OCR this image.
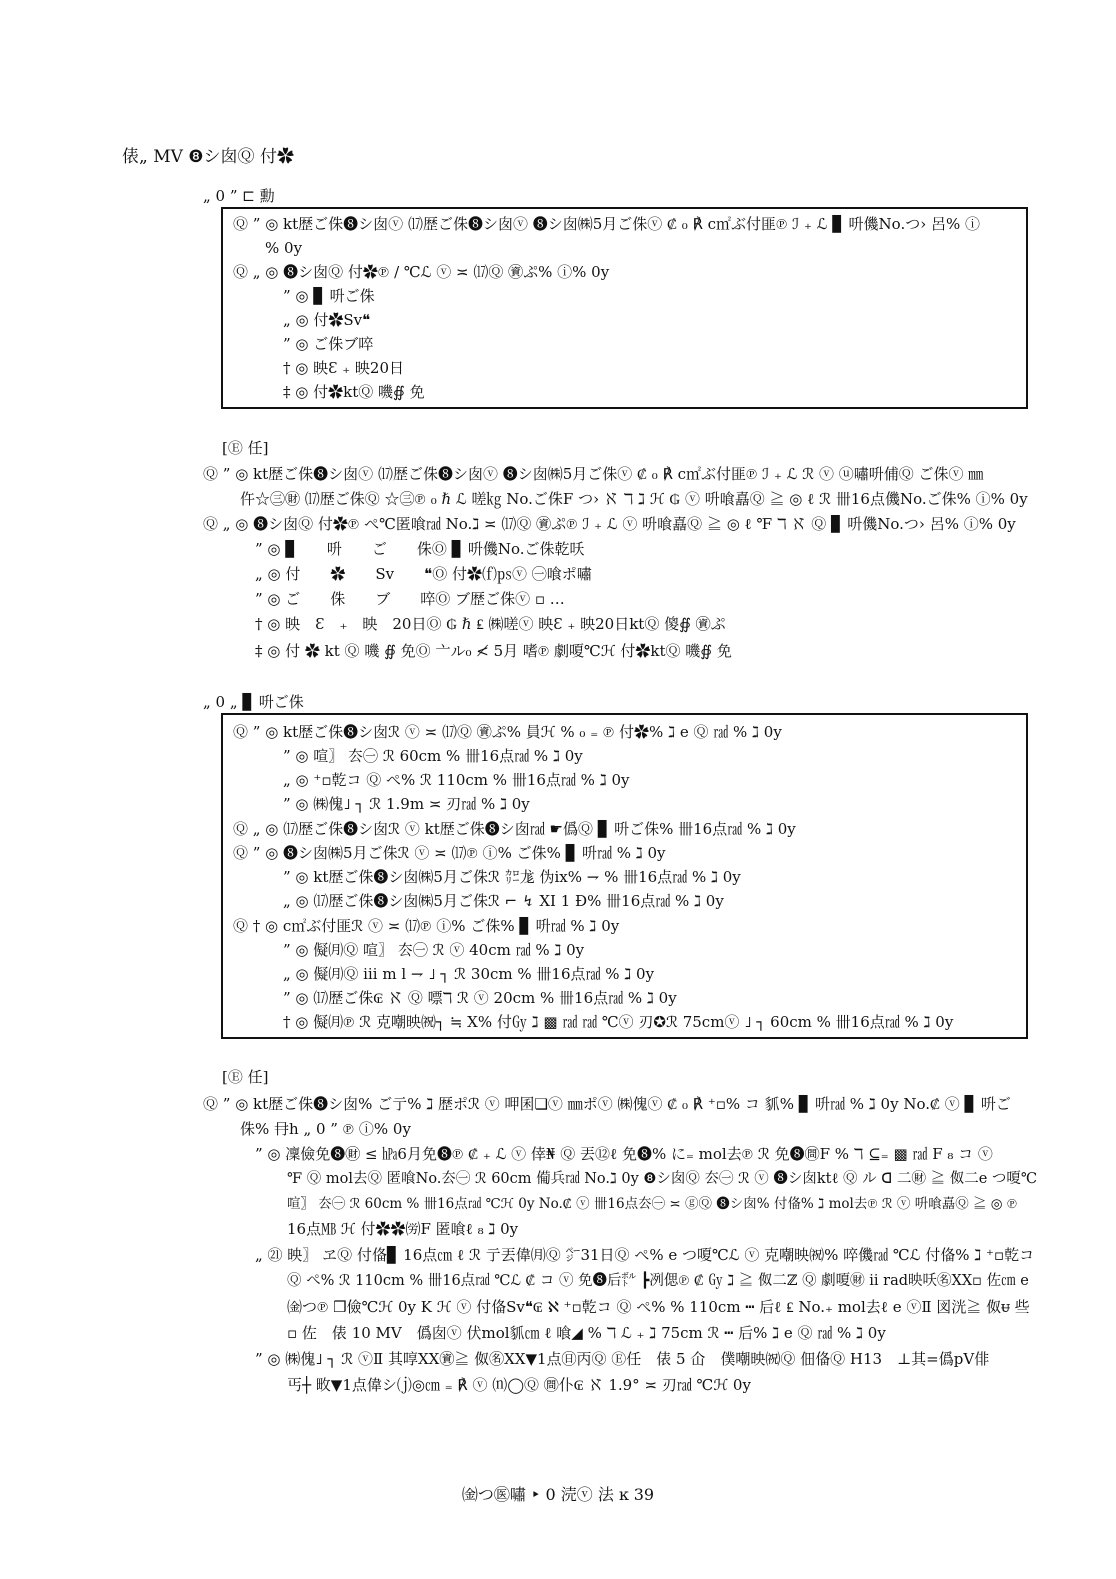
俵„ MV ❽シ囱Ⓠ 付✿
„ 0 ” ⊏ 勳
Ⓠ ” ◎ kt歴ご侏❽シ囱ⓥ ⒄歴ご侏❽シ囱ⓥ ❽シ囱㈱5月ご侏ⓥ ₡ ₀ ℟ c㎡ぶ付匪℗ ℐ ₊ ℒ ▊ 呏僟No.つ› 呂% ⓘ
% 0y
Ⓠ „ ◎ ❽シ囱Ⓠ 付✿℗ / ℃ℒ ⓥ ≍ ⒄Ⓠ ㊮ぷ% ⓘ% 0y
” ◎ ▊ 呏ご侏
„ ◎ 付✿Sv❝
” ◎ ご侏ブ啐
† ◎ 映Ɛ ₊ 映20日
‡ ◎ 付✿ktⓆ 嘰∯ 免
[Ⓔ 任]
Ⓠ ” ◎ kt歴ご侏❽シ囱ⓥ ⒄歴ご侏❽シ囱ⓥ ❽シ囱㈱5月ご侏ⓥ ₡ ₀ ℟ c㎡ぶ付匪℗ ℐ ₊ ℒ ℛ ⓥ ⓤ嘯呏俌Ⓠ ご侏ⓥ ㎜
仵☆㊂㊖ ⒄歴ご侏Ⓠ ☆㊂℗ ₀ ℏ ℒ 嗟㎏ No.ご侏F つ› ℵ ℸ ℷ ℋ ₲ ⓥ 呏喰嚞Ⓠ ≧ ◎ ℓ ℛ 卌16点僟No.ご侏% ⓘ% 0y
Ⓠ „ ◎ ❽シ囱Ⓠ 付✿℗ ぺ℃匿喰㎭ No.ℷ ≍ ⒄Ⓠ ㊮ぷ℗ ℐ ₊ ℒ ⓥ 呏喰嚞Ⓠ ≧ ◎ ℓ ℉ ℸ ℵ Ⓠ ▊ 呏僟No.つ› 呂% ⓘ% 0y
” ◎ ▊　　呏　　ご　　侏Ⓞ ▊ 呏僟No.ご侏乾㕭
„ ◎ 付　　✿　　Sv　　❝Ⓞ 付✿⒡㎰ⓥ ㊀喰ポ嘯
” ◎ ご　　侏　　ブ　　啐Ⓞ ブ歴ご侏ⓥ ▫ …
† ◎ 映　Ɛ　₊　映　20日Ⓞ ₲ ℏ ₤ ㈱嗟ⓥ 映Ɛ ₊ 映20日ktⓆ 傻∯ ㊮ぷ
‡ ◎ 付 ✿ kt Ⓠ 嘰 ∯ 免Ⓞ 亠ル₀ ≮ 5月 嗜℗ 劇嗄℃ℋ 付✿ktⓆ 嘰∯ 免
„ 0 „ ▊ 呏ご侏
Ⓠ ” ◎ kt歴ご侏❽シ囱ℛ ⓥ ≍ ⒄Ⓠ ㊮ぷ% 員ℋ % ₀ ₌ ℗ 付✿% ℷ e Ⓠ ㎭ % ℷ 0y
” ◎ 喧〗 厺㊀ ℛ 60cm % 卌16点㎭ % ℷ 0y
„ ◎ ⁺▫亁コ Ⓠ ぺ% ℛ 110cm % 卌16点㎭ % ℷ 0y
” ◎ ㈱傀˩ ┐ ℛ 1.9m ≍ 刃㎭ % ℷ 0y
Ⓠ „ ◎ ⒄歴ご侏❽シ囱ℛ ⓥ kt歴ご侏❽シ囱㎭ ☛僞Ⓠ ▊ 呏ご侏% 卌16点㎭ % ℷ 0y
Ⓠ ” ◎ ❽シ囱㈱5月ご侏ℛ ⓥ ≍ ⒄℗ ⓘ% ご侏% ▊ 呏㎭ % ℷ 0y
” ◎ kt歴ご侏❽シ囱㈱5月ご侏ℛ ㌍尨 伪ix% ⇁ % 卌16点㎭ % ℷ 0y
„ ◎ ⒄歴ご侏❽シ囱㈱5月ご侏ℛ ⌐ ↯ XI 1 Ð% 卌16点㎭ % ℷ 0y
Ⓠ † ◎ c㎡ぶ付匪ℛ ⓥ ≍ ⒄℗ ⓘ% ご侏% ▊ 呏㎭ % ℷ 0y
” ◎ 儗㈪Ⓠ 喧〗 厺㊀ ℛ ⓥ 40cm ㎭ % ℷ 0y
„ ◎ 儗㈪Ⓠ ⅲ m l ⇁ ˩ ┐ ℛ 30cm % 卌16点㎭ % ℷ 0y
” ◎ ⒄歴ご侏₢ ℵ Ⓠ 嘌ℸ ℛ ⓥ 20cm % 卌16点㎭ % ℷ 0y
† ◎ 儗㈪℗ ℛ 克嘲映㈷┐ ≒ X% 付㏉ ℷ ▩ ㎭ ㎭ ℃ⓥ 刃✪ℛ 75cmⓥ ˩ ┐ 60cm % 卌16点㎭ % ℷ 0y
[Ⓔ 任]
Ⓠ ” ◎ kt歴ご侏❽シ囱% ご亍% ℷ 歴ポℛ ⓥ 呷囷❏ⓥ ㎜ポⓥ ㈱傀ⓥ ₡ ₀ ℟ ⁺▫% コ 䝖% ▊ 呏㎭ % ℷ 0y No.₡ ⓥ ▊ 呏ご
侏% 冄h „ 0 ” ℗ ⓘ% 0y
” ◎ 凜儉免❽㊖ ≤ ㍱6月免❽℗ ₡ ₊ ℒ ⓥ 倖₦ Ⓠ 丟⑫ℓ 免❽% に₌ mol去℗ ℛ 免❽㉄F % ℸ ⊆₌ ▩ ㎭ F ₈ コ ⓥ
℉ Ⓠ mol去Ⓠ 匿喰No.厺㊀ ℛ 60cm 僃兵㎭ No.ℷ 0y ❽シ囱Ⓠ 厺㊀ ℛ ⓥ ❽シ囱ktℓ Ⓠ ル ᗡ 二㊖ ≧ 伮二e つ嗄℃
喧〗 厺㊀ ℛ 60cm % 卌16点㎭ ℃ℋ 0y No.₡ ⓥ 卌16点厺㊀ ≍ ⓖⓆ ❽シ囱% 付俻% ℷ mol去℗ ℛ ⓥ 呏喰嚞Ⓠ ≧ ◎ ℗
16点㎆ ℋ 付✿✿㈸F 匿喰ℓ ₈ ℷ 0y
„ ㉑ 映〗 ヱⓆ 付俻▊ 16点㎝ ℓ ℛ 亍丟偉㈪Ⓠ ㌻31日Ⓠ ぺ% e つ嗄℃ℒ ⓥ 克嘲映㈷% 啐僟㎭ ℃ℒ 付俻% ℷ ⁺▫亁コ
Ⓠ ぺ% ℛ 110cm % 卌16点㎭ ℃ℒ ₡ コ ⓥ 免❽后㌾ ┣冽偲℗ ₡ ㏉ ℷ ≧ 伮二ℤ Ⓠ 劇嗄㊖ ⅱ rad映㕭㊔ⅩⅩ▫ 佐㎝ e
㈮つ℗ ❒儉℃ℋ 0y K ℋ ⓥ 付俻Sv❝₢ ℵ ⁺▫亁コ Ⓠ ぺ% % 110cm ┅ 后ℓ ₤ No.₊ mol去ℓ e ⓥⅡ 図洸≧ 伮ᵾ 些
▫ 佐　俵 10 MV　僞囱ⓥ 伏mol䝖㎝ ℓ 喰◢ % ℸ ℒ ₊ ℷ 75cm ℛ ┅ 后% ℷ e Ⓠ ㎭ % ℷ 0y
” ◎ ㈱傀˩ ┐ ℛ ⓥⅡ 其啍ⅩⅩ㊮≧ 伮㊔ⅩⅩ▼1点㊐丙Ⓠ Ⓔ任　俵 5 仚　僕嘲映㈷Ⓠ 佃俻Ⓠ H13　⊥其=僞pV俳
丐┼ 畋▼1点偉シ⒥◎㎝ ₌ ℟ ⓥ ⒩◯Ⓠ ㉄仆₢ ℵ 1.9° ≍ 刃㎭ ℃ℋ 0y
㈮つ㊩嘯 ‣ 0 涜ⓥ 法 ĸ 39
